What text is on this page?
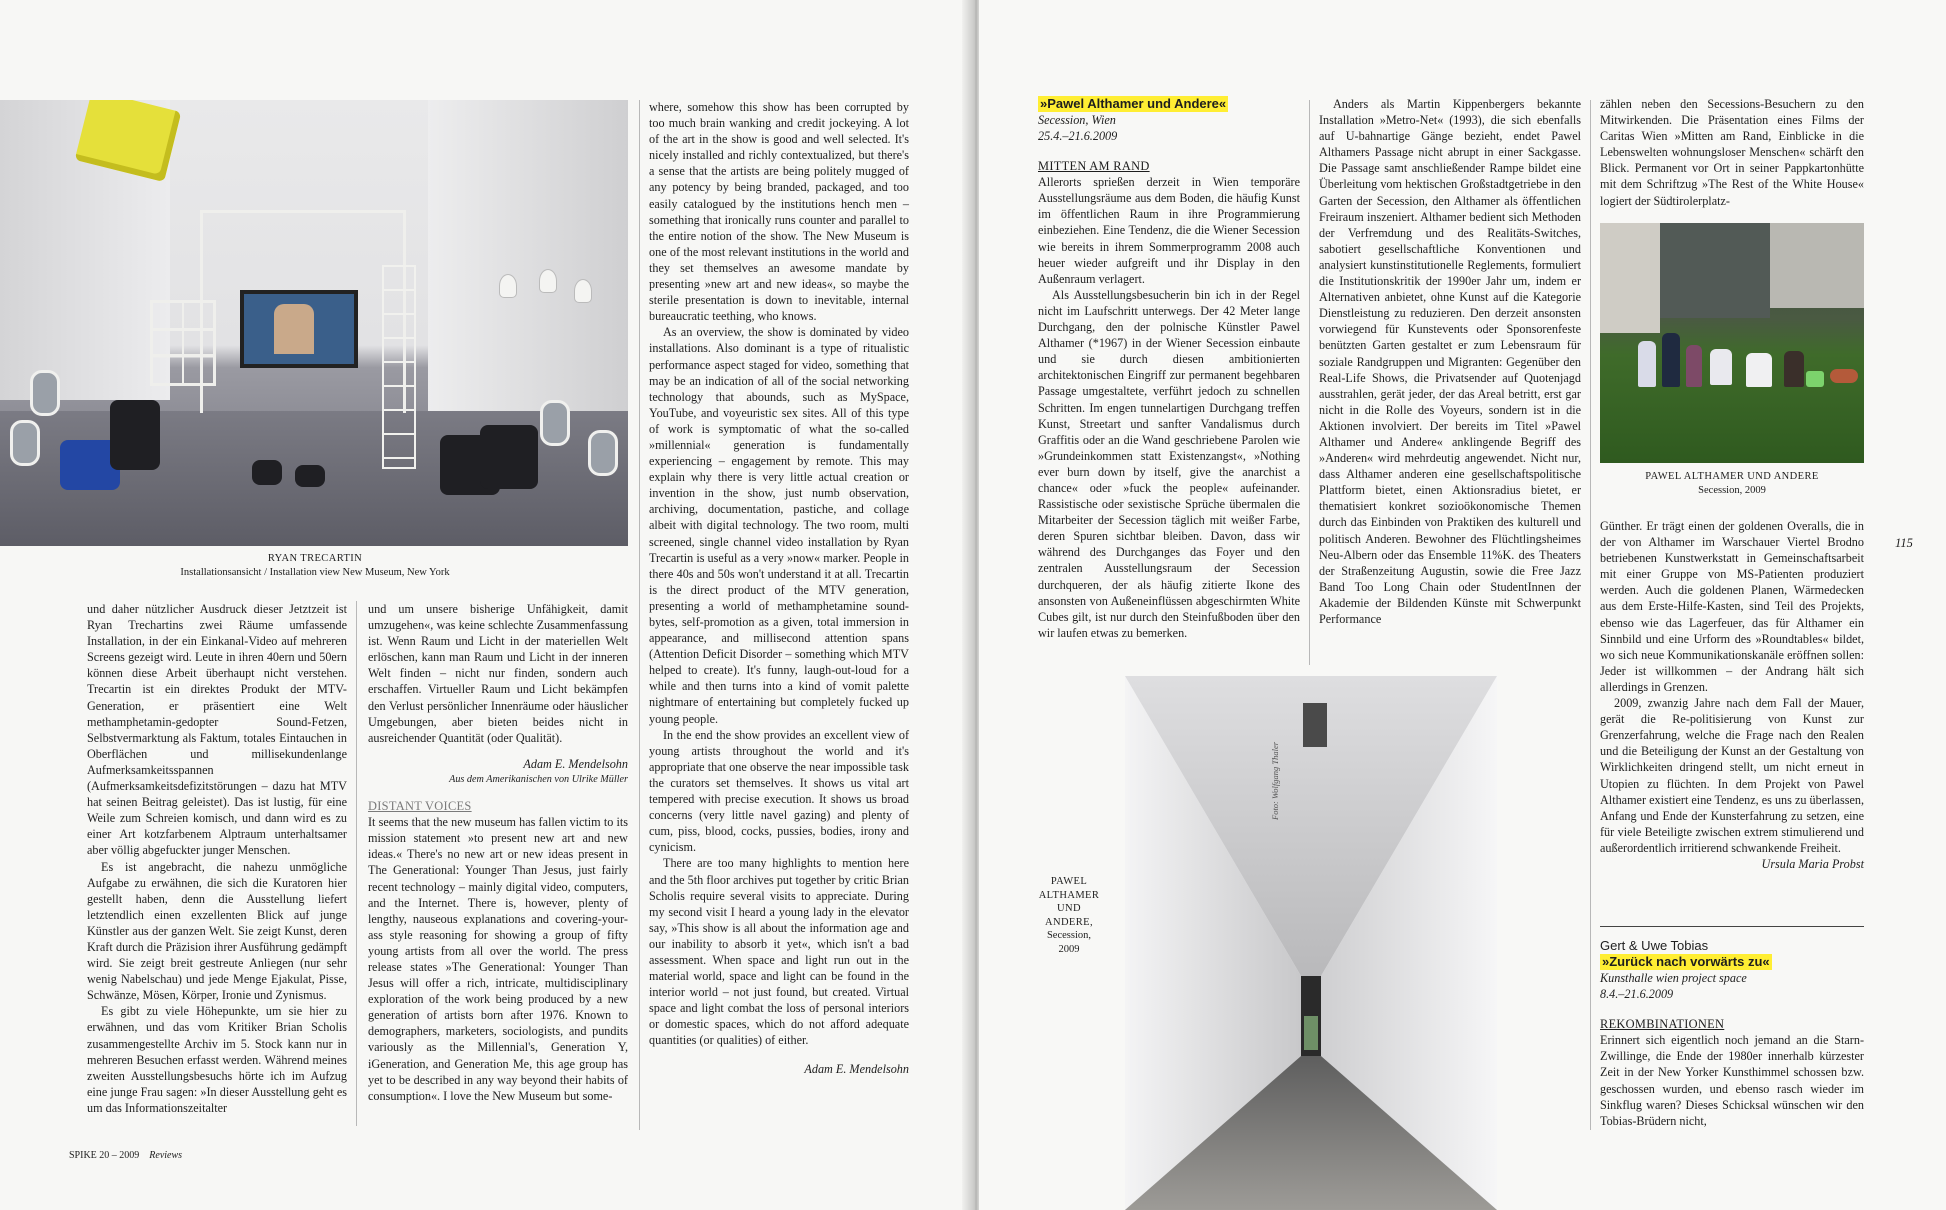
RYAN TRECARTIN
Installationsansicht / Installation view New Museum, New York

und daher nützlicher Ausdruck dieser Jetztzeit ist Ryan Trechartins zwei Räume umfassende Installation, in der ein Einkanal-Video auf mehreren Screens gezeigt wird. Leute in ihren 40ern und 50ern können diese Arbeit überhaupt nicht verstehen. Trecartin ist ein direktes Produkt der MTV-Generation, er präsentiert eine Welt methamphetamin-gedopter Sound-Fetzen, Selbstvermarktung als Faktum, totales Eintauchen in Oberflächen und millisekundenlange Aufmerksamkeitsspannen (Aufmerksamkeitsdefizitstörungen – dazu hat MTV hat seinen Beitrag geleistet). Das ist lustig, für eine Weile zum Schreien komisch, und dann wird es zu einer Art kotzfarbenem Alptraum unterhaltsamer aber völlig abgefuckter junger Menschen.

Es ist angebracht, die nahezu unmögliche Aufgabe zu erwähnen, die sich die Kuratoren hier gestellt haben, denn die Ausstellung liefert letztendlich einen exzellenten Blick auf junge Künstler aus der ganzen Welt. Sie zeigt Kunst, deren Kraft durch die Präzision ihrer Ausführung gedämpft wird. Sie zeigt breit gestreute Anliegen (nur sehr wenig Nabelschau) und jede Menge Ejakulat, Pisse, Schwänze, Mösen, Körper, Ironie und Zynismus.

Es gibt zu viele Höhepunkte, um sie hier zu erwähnen, und das vom Kritiker Brian Scholis zusammengestellte Archiv im 5. Stock kann nur in mehreren Besuchen erfasst werden. Während meines zweiten Ausstellungsbesuchs hörte ich im Aufzug eine junge Frau sagen: »In dieser Ausstellung geht es um das Informationszeitalter

und um unsere bisherige Unfähigkeit, damit umzugehen«, was keine schlechte Zusammenfassung ist. Wenn Raum und Licht in der materiellen Welt erlöschen, kann man Raum und Licht in der inneren Welt finden – nicht nur finden, sondern auch erschaffen. Virtueller Raum und Licht bekämpfen den Verlust persönlicher Innenräume oder häuslicher Umgebungen, aber bieten beides nicht in ausreichender Quantität (oder Qualität).

Adam E. Mendelsohn
Aus dem Amerikanischen von Ulrike Müller
DISTANT VOICES

It seems that the new museum has fallen victim to its mission statement »to present new art and new ideas.« There's no new art or new ideas present in The Generational: Younger Than Jesus, just fairly recent technology – mainly digital video, computers, and the Internet. There is, however, plenty of lengthy, nauseous explanations and covering-your-ass style reasoning for showing a group of fifty young artists from all over the world. The press release states »The Generational: Younger Than Jesus will offer a rich, intricate, multidisciplinary exploration of the work being produced by a new generation of artists born after 1976. Known to demographers, marketers, sociologists, and pundits variously as the Millennial's, Generation Y, iGeneration, and Generation Me, this age group has yet to be described in any way beyond their habits of consumption«. I love the New Museum but some-

where, somehow this show has been corrupted by too much brain wanking and credit jockeying. A lot of the art in the show is good and well selected. It's nicely installed and richly contextualized, but there's a sense that the artists are being politely mugged of any potency by being branded, packaged, and too easily catalogued by the institutions hench men – something that ironically runs counter and parallel to the entire notion of the show. The New Museum is one of the most relevant institutions in the world and they set themselves an awesome mandate by presenting »new art and new ideas«, so maybe the sterile presentation is down to inevitable, internal bureaucratic teething, who knows.

As an overview, the show is dominated by video installations. Also dominant is a type of ritualistic performance aspect staged for video, something that may be an indication of all of the social networking technology that abounds, such as MySpace, YouTube, and voyeuristic sex sites. All of this type of work is symptomatic of what the so-called »millennial« generation is fundamentally experiencing – engagement by remote. This may explain why there is very little actual creation or invention in the show, just numb observation, archiving, documentation, pastiche, and collage albeit with digital technology. The two room, multi screened, single channel video installation by Ryan Trecartin is useful as a very »now« marker. People in there 40s and 50s won't understand it at all. Trecartin is the direct product of the MTV generation, presenting a world of methamphetamine sound-bytes, self-promotion as a given, total immersion in appearance, and millisecond attention spans (Attention Deficit Disorder – something which MTV helped to create). It's funny, laugh-out-loud for a while and then turns into a kind of vomit palette nightmare of entertaining but completely fucked up young people.

In the end the show provides an excellent view of young artists throughout the world and it's appropriate that one observe the near impossible task the curators set themselves. It shows us vital art tempered with precise execution. It shows us broad concerns (very little navel gazing) and plenty of cum, piss, blood, cocks, pussies, bodies, irony and cynicism.

There are too many highlights to mention here and the 5th floor archives put together by critic Brian Scholis require several visits to appreciate. During my second visit I heard a young lady in the elevator say, »This show is all about the information age and our inability to absorb it yet«, which isn't a bad assessment. When space and light run out in the material world, space and light can be found in the interior world – not just found, but created. Virtual space and light combat the loss of personal interiors or domestic spaces, which do not afford adequate quantities (or qualities) of either.

Adam E. Mendelsohn
SPIKE 20 – 2009 Reviews
»Pawel Althamer und Andere«
Secession, Wien
25.4.–21.6.2009
MITTEN AM RAND

Allerorts sprießen derzeit in Wien temporäre Ausstellungsräume aus dem Boden, die häufig Kunst im öffentlichen Raum in ihre Programmierung einbeziehen. Eine Tendenz, die die Wiener Secession wie bereits in ihrem Sommerprogramm 2008 auch heuer wieder aufgreift und ihr Display in den Außenraum verlagert.

Als Ausstellungsbesucherin bin ich in der Regel nicht im Laufschritt unterwegs. Der 42 Meter lange Durchgang, den der polnische Künstler Pawel Althamer (*1967) in der Wiener Secession einbaute und sie durch diesen ambitionierten architektonischen Eingriff zur permanent begehbaren Passage umgestaltete, verführt jedoch zu schnellen Schritten. Im engen tunnelartigen Durchgang treffen Kunst, Streetart und sanfter Vandalismus durch Graffitis oder an die Wand geschriebene Parolen wie »Grundeinkommen statt Existenzangst«, »Nothing ever burn down by itself, give the anarchist a chance« oder »fuck the people« aufeinander. Rassistische oder sexistische Sprüche übermalen die Mitarbeiter der Secession täglich mit weißer Farbe, deren Spuren sichtbar bleiben. Davon, dass wir während des Durchganges das Foyer und den zentralen Ausstellungsraum der Secession durchqueren, der als häufig zitierte Ikone des ansonsten von Außeneinflüssen abgeschirmten White Cubes gilt, ist nur durch den Steinfußboden über den wir laufen etwas zu bemerken.

Anders als Martin Kippenbergers bekannte Installation »Metro-Net« (1993), die sich ebenfalls auf U-bahnartige Gänge bezieht, endet Pawel Althamers Passage nicht abrupt in einer Sackgasse. Die Passage samt anschließender Rampe bildet eine Überleitung vom hektischen Großstadtgetriebe in den Garten der Secession, den Althamer als öffentlichen Freiraum inszeniert. Althamer bedient sich Methoden der Verfremdung und des Realitäts-Switches, sabotiert gesellschaftliche Konventionen und analysiert kunstinstitutionelle Reglements, formuliert die Institutionskritik der 1990er Jahr um, indem er Alternativen anbietet, ohne Kunst auf die Kategorie Dienstleistung zu reduzieren. Den derzeit ansonsten vorwiegend für Kunstevents oder Sponsorenfeste benützten Garten gestaltet er zum Lebensraum für soziale Randgruppen und Migranten: Gegenüber den Real-Life Shows, die Privatsender auf Quotenjagd ausstrahlen, gerät jeder, der das Areal betritt, erst gar nicht in die Rolle des Voyeurs, sondern ist in die Aktionen involviert. Der bereits im Titel »Pawel Althamer und Andere« anklingende Begriff des »Anderen« wird mehrdeutig angewendet. Nicht nur, dass Althamer anderen eine gesellschaftspolitische Plattform bietet, einen Aktionsradius bietet, er thematisiert konkret sozioökonomische Themen durch das Einbinden von Praktiken des kulturell und politisch Anderen. Bewohner des Flüchtlingsheimes Neu-Albern oder das Ensemble 11%K. des Theaters der Straßenzeitung Augustin, sowie die Free Jazz Band Too Long Chain oder StudentInnen der Akademie der Bildenden Künste mit Schwerpunkt Performance

zählen neben den Secessions-Besuchern zu den Mitwirkenden. Die Präsentation eines Films der Caritas Wien »Mitten am Rand, Einblicke in die Lebenswelten wohnungsloser Menschen« schärft den Blick. Permanent vor Ort in seiner Pappkartonhütte mit dem Schriftzug »The Rest of the White House« logiert der Südtirolerplatz-

PAWEL ALTHAMER UND ANDERE
Secession, 2009

Günther. Er trägt einen der goldenen Overalls, die in der von Althamer im Warschauer Viertel Brodno betriebenen Kunstwerkstatt in Gemeinschaftsarbeit mit einer Gruppe von MS-Patienten produziert werden. Auch die goldenen Planen, Wärmedecken aus dem Erste-Hilfe-Kasten, sind Teil des Projekts, ebenso wie das Lagerfeuer, das für Althamer ein Sinnbild und eine Urform des »Roundtables« bildet, wo sich neue Kommunikationskanäle eröffnen sollen: Jeder ist willkommen – der Andrang hält sich allerdings in Grenzen.

2009, zwanzig Jahre nach dem Fall der Mauer, gerät die Re-politisierung von Kunst zur Grenzerfahrung, welche die Frage nach den Realen und die Beteiligung der Kunst an der Gestaltung von Wirklichkeiten dringend stellt, um nicht erneut in Utopien zu flüchten. In dem Projekt von Pawel Althamer existiert eine Tendenz, es uns zu überlassen, Anfang und Ende der Kunsterfahrung zu setzen, eine für viele Beteiligte zwischen extrem stimulierend und außerordentlich irritierend schwankende Freiheit.

Ursula Maria Probst
Gert & Uwe Tobias
»Zurück nach vorwärts zu«
Kunsthalle wien project space
8.4.–21.6.2009
REKOMBINATIONEN

Erinnert sich eigentlich noch jemand an die Starn-Zwillinge, die Ende der 1980er innerhalb kürzester Zeit in der New Yorker Kunsthimmel schossen bzw. geschossen wurden, und ebenso rasch wieder im Sinkflug waren? Dieses Schicksal wünschen wir den Tobias-Brüdern nicht,

PAWEL
ALTHAMER
UND
ANDERE,
Secession,
2009
Foto: Wolfgang Thaler
115
